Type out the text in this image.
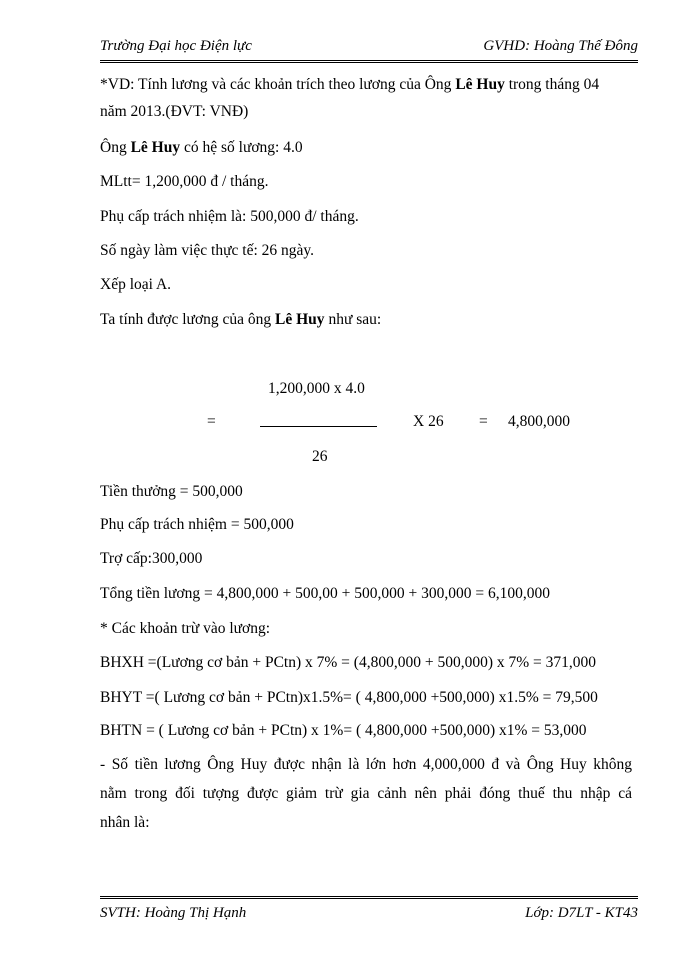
Trường Đại học Điện lực	GVHD: Hoàng Thế Đông
*VD: Tính lương và các khoản trích theo lương của Ông Lê Huy trong tháng 04
năm 2013.(ĐVT: VNĐ)
Ông Lê Huy có hệ số lương: 4.0
MLtt= 1,200,000 đ / tháng.
Phụ cấp trách nhiệm là: 500,000 đ/ tháng.
Số ngày làm việc thực tế: 26 ngày.
Xếp loại A.
Ta tính được lương của ông Lê Huy như sau:
1,200,000 x 4.0
=	X 26 = 4,800,000
26
Tiền thưởng = 500,000
Phụ cấp trách nhiệm = 500,000
Trợ cấp:300,000
Tổng tiền lương = 4,800,000 + 500,00 + 500,000 + 300,000 = 6,100,000
* Các khoản trừ vào lương:
BHXH =(Lương cơ bản + PCtn) x 7% = (4,800,000 + 500,000) x 7% = 371,000
BHYT =( Lương cơ bản + PCtn)x1.5%= ( 4,800,000 +500,000) x1.5% = 79,500
BHTN = ( Lương cơ bản + PCtn) x 1%= ( 4,800,000 +500,000) x1% = 53,000
- Số tiền lương Ông Huy được nhận là lớn hơn 4,000,000 đ và Ông Huy không
nằm trong đối tượng được giảm trừ gia cảnh nên phải đóng thuế thu nhập cá
nhân là:
SVTH: Hoàng Thị Hạnh	Lớp: D7LT - KT43
